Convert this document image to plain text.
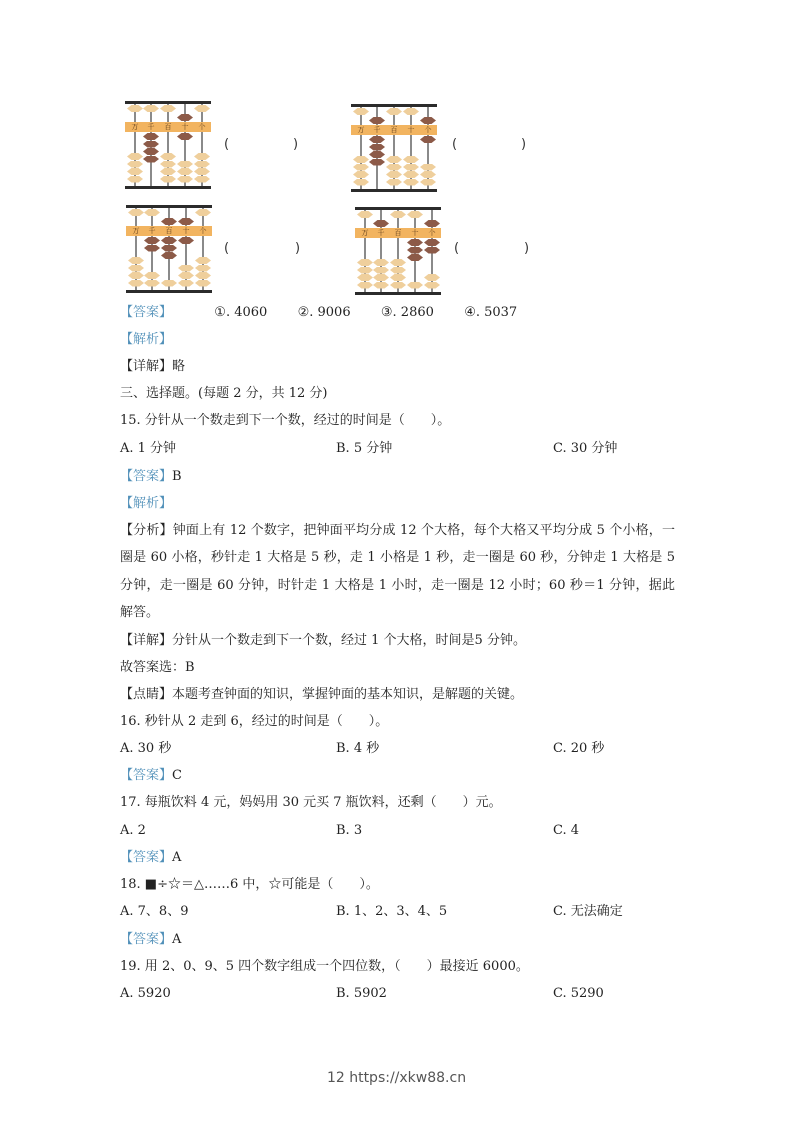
万	千	百	十	个
(	)
万	千	百	十	个
(	)
万	千	百	十	个
(	)
万	千	百	十	个
(	)
【答案】	①. 4060 ②. 9006 ③. 2860 ④. 5037
【解析】
【详解】略
三、选择题。(每题 2 分，共 12 分)
15. 分针从一个数走到下一个数，经过的时间是（　　）。
A. 1 分钟	B. 5 分钟	C. 30 分钟
【答案】B
【解析】
【分析】钟面上有 12 个数字，把钟面平均分成 12 个大格，每个大格又平均分成 5 个小格，一圈是 60 小格，秒针走 1 大格是 5 秒，走 1 小格是 1 秒，走一圈是 60 秒，分钟走 1 大格是 5 分钟，走一圈是 60 分钟，时针走 1 大格是 1 小时，走一圈是 12 小时；60 秒＝1 分钟，据此解答。
【详解】分针从一个数走到下一个数，经过 1 个大格，时间是5 分钟。
故答案选：B
【点睛】本题考查钟面的知识，掌握钟面的基本知识，是解题的关键。
16. 秒针从 2 走到 6，经过的时间是（　　）。
A. 30 秒	B. 4 秒	C. 20 秒
【答案】C
17. 每瓶饮料 4 元，妈妈用 30 元买 7 瓶饮料，还剩（　　）元。
A. 2	B. 3	C. 4
【答案】A
18. ■÷☆＝△……6 中，☆可能是（　　）。
A. 7、8、9	B. 1、2、3、4、5	C. 无法确定
【答案】A
19. 用 2、0、9、5 四个数字组成一个四位数，（　　）最接近 6000。
A. 5920	B. 5902	C. 5290
12 https://xkw88.cn
